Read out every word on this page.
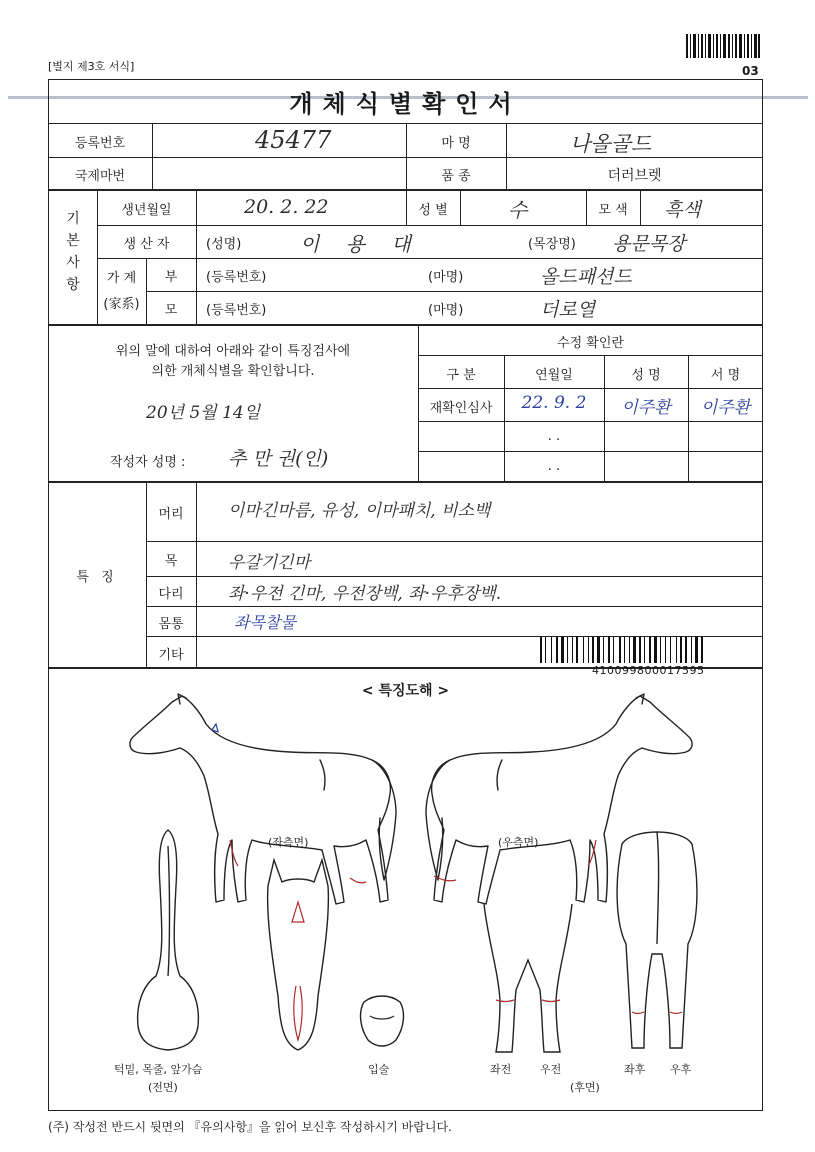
[별지 제3호 서식]	03
개체식별확인서
등록번호	45477	마 명	나올골드
국제마번	품 종	더러브렛
기
본
사
항
생년월일	20. 2. 22	성 별	수	모 색	흑색
생 산 자	(성명)	이 용 대	(목장명) 용문목장
가 계
(家系)
부	(등록번호)	(마명)	올드패션드
모	(등록번호)	(마명)	더로열
위의 말에 대하여 아래와 같이 특징검사에
의한 개체식별을 확인합니다.
20년 5월 14일
작성자 성명 : 추 만 권(인)
수정 확인란
구 분	연월일	성 명	서 명
재확인심사	22. 9. 2	이주환	이주환
. .
. .
특 징
머리	이마긴마름, 유성, 이마패치, 비소백
목	우갈기긴마
다리	좌·우전 긴마, 우전장백, 좌·우후장백.
몸통	좌목찰물
기타
410099800017595
< 특징도해 >
(좌측면)	(우측면)
입술
턱밑, 목줄, 앞가슴
(전면)
좌전	우전	좌후 우후
(후면)
(주) 작성전 반드시 뒷면의 『유의사항』을 읽어 보신후 작성하시기 바랍니다.
